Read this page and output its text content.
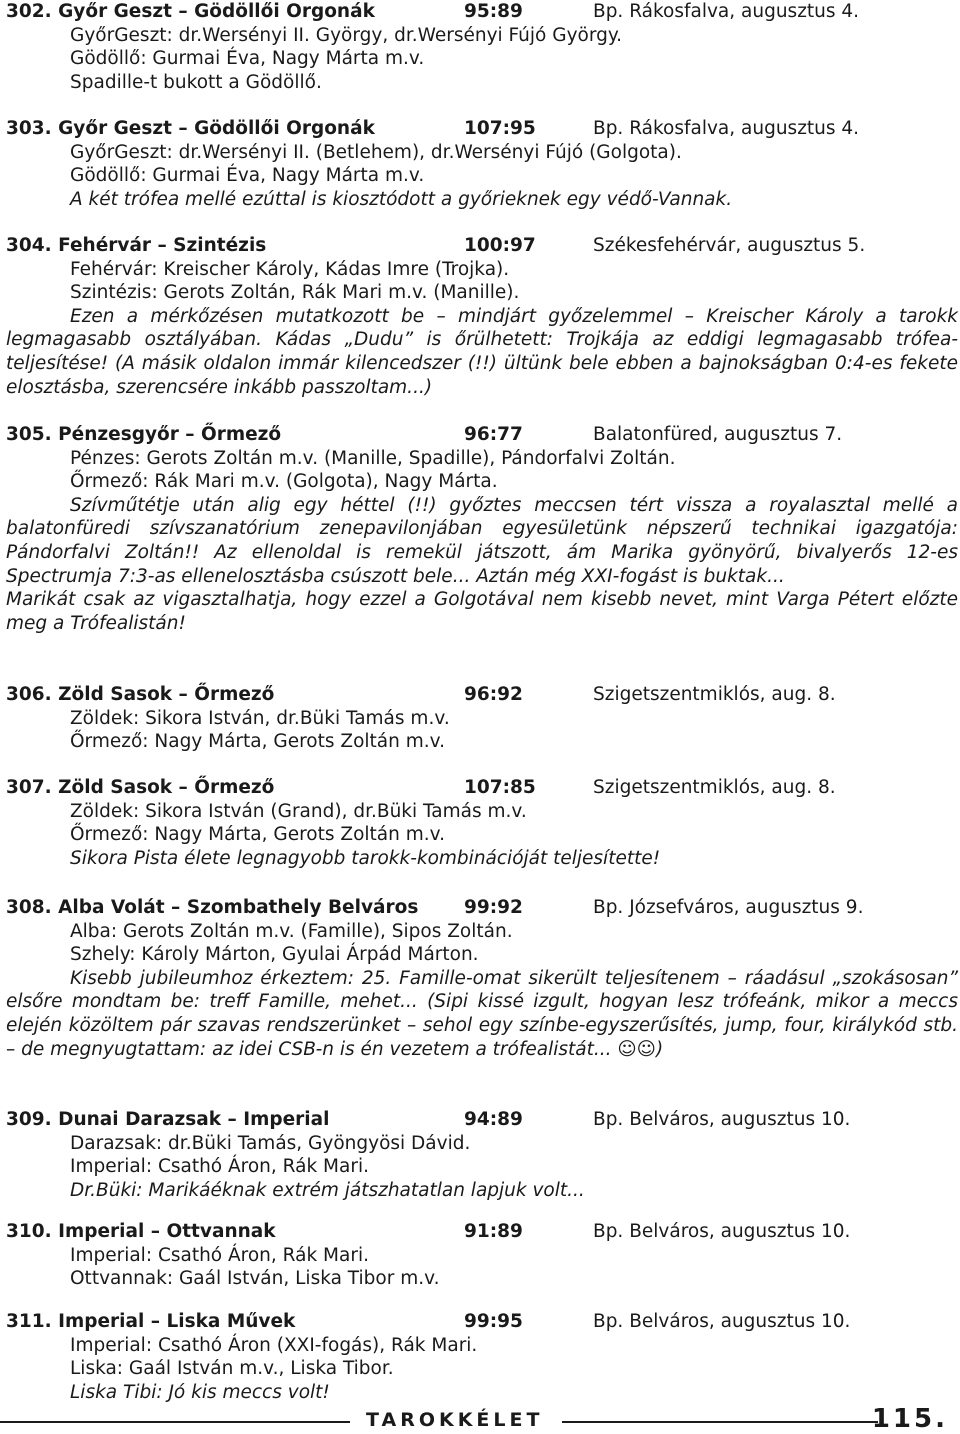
302. Győr Geszt – Gödöllői Orgonák	95:89	Bp. Rákosfalva, augusztus 4.
GyőrGeszt: dr.Wersényi II. György, dr.Wersényi Fújó György.
Gödöllő: Gurmai Éva, Nagy Márta m.v.
Spadille-t bukott a Gödöllő.
303. Győr Geszt – Gödöllői Orgonák	107:95	Bp. Rákosfalva, augusztus 4.
GyőrGeszt: dr.Wersényi II. (Betlehem), dr.Wersényi Fújó (Golgota).
Gödöllő: Gurmai Éva, Nagy Márta m.v.
A két trófea mellé ezúttal is kiosztódott a győrieknek egy védő-Vannak.
304. Fehérvár – Szintézis	100:97	Székesfehérvár, augusztus 5.
Fehérvár: Kreischer Károly, Kádas Imre (Trojka).
Szintézis: Gerots Zoltán, Rák Mari m.v. (Manille).

Ezen a mérkőzésen mutatkozott be – mindjárt győzelemmel – Kreischer Károly a tarokk legmagasabb osztályában. Kádas „Dudu” is őrülhetett: Trojkája az eddigi legmagasabb trófea-teljesítése! (A másik oldalon immár kilencedszer (!!) ültünk bele ebben a bajnokságban 0:4-es fekete elosztásba, szerencsére inkább passzoltam...)

305. Pénzesgyőr – Őrmező	96:77	Balatonfüred, augusztus 7.
Pénzes: Gerots Zoltán m.v. (Manille, Spadille), Pándorfalvi Zoltán.
Őrmező: Rák Mari m.v. (Golgota), Nagy Márta.

Szívműtétje után alig egy héttel (!!) győztes meccsen tért vissza a royalasztal mellé a balatonfüredi szívszanatórium zenepavilonjában egyesületünk népszerű technikai igazgatója: Pándorfalvi Zoltán!! Az ellenoldal is remekül játszott, ám Marika gyönyörű, bivalyerős 12-es Spectrumja 7:3-as ellenelosztásba csúszott bele... Aztán még XXI-fogást is buktak...

Marikát csak az vigasztalhatja, hogy ezzel a Golgotával nem kisebb nevet, mint Varga Pétert előzte meg a Trófealistán!

306. Zöld Sasok – Őrmező	96:92	Szigetszentmiklós, aug. 8.
Zöldek: Sikora István, dr.Büki Tamás m.v.
Őrmező: Nagy Márta, Gerots Zoltán m.v.
307. Zöld Sasok – Őrmező	107:85	Szigetszentmiklós, aug. 8.
Zöldek: Sikora István (Grand), dr.Büki Tamás m.v.
Őrmező: Nagy Márta, Gerots Zoltán m.v.
Sikora Pista élete legnagyobb tarokk-kombinációját teljesítette!
308. Alba Volát – Szombathely Belváros 99:92	Bp. Józsefváros, augusztus 9.
Alba: Gerots Zoltán m.v. (Famille), Sipos Zoltán.
Szhely: Károly Márton, Gyulai Árpád Márton.

Kisebb jubileumhoz érkeztem: 25. Famille-omat sikerült teljesítenem – ráadásul „szokásosan” elsőre mondtam be: treff Famille, mehet... (Sipi kissé izgult, hogyan lesz trófeánk, mikor a meccs elején közöltem pár szavas rendszerünket – sehol egy színbe-egyszerűsítés, jump, four, királykód stb. – de megnyugtattam: az idei CSB-n is én vezetem a trófealistát... ☺☺)

309. Dunai Darazsak – Imperial	94:89	Bp. Belváros, augusztus 10.
Darazsak: dr.Büki Tamás, Gyöngyösi Dávid.
Imperial: Csathó Áron, Rák Mari.
Dr.Büki: Marikáéknak extrém játszhatatlan lapjuk volt...
310. Imperial – Ottvannak	91:89	Bp. Belváros, augusztus 10.
Imperial: Csathó Áron, Rák Mari.
Ottvannak: Gaál István, Liska Tibor m.v.
311. Imperial – Liska Művek	99:95	Bp. Belváros, augusztus 10.
Imperial: Csathó Áron (XXI-fogás), Rák Mari.
Liska: Gaál István m.v., Liska Tibor.
Liska Tibi: Jó kis meccs volt!
TAROKKÉLET	115.
